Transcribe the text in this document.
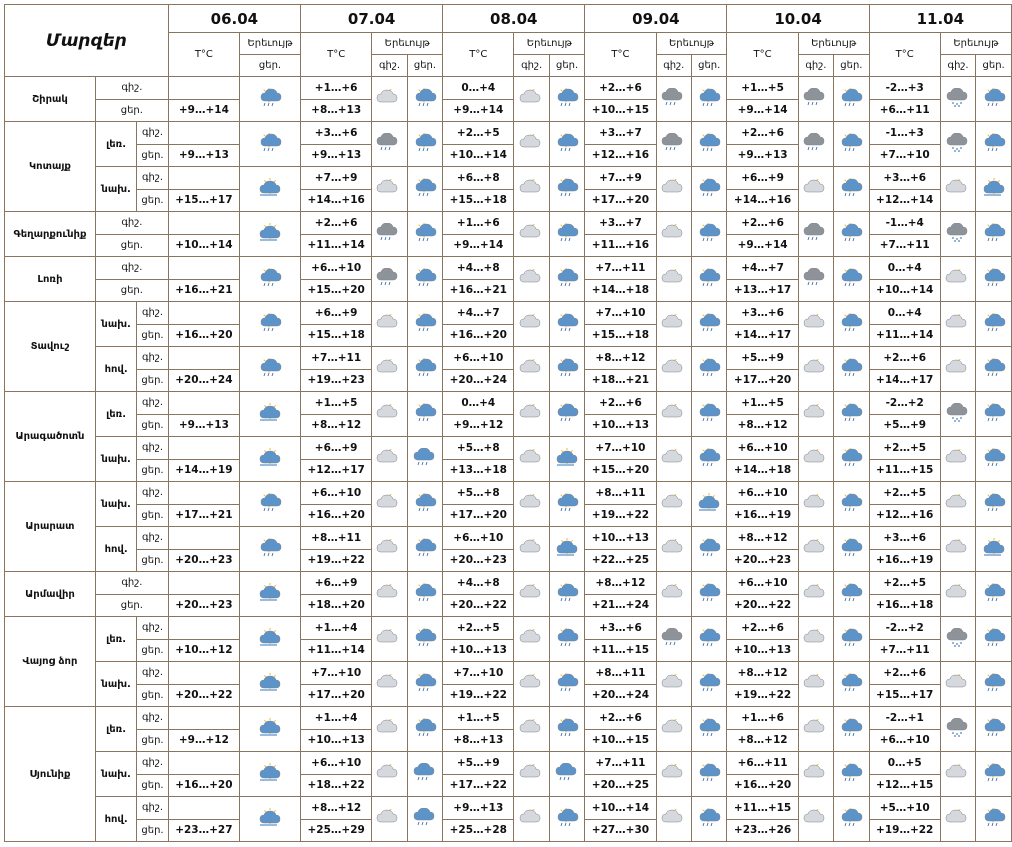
Մարզեր			06.04		07.04			08.04			09.04			10.04			11.04		
			T°C	Երեւույթ	T°C	Երեւույթ		T°C	Երեւույթ		T°C	Երեւույթ		T°C	Երեւույթ		T°C	Երեւույթ	
				ցեր.		գիշ.	ցեր.		գիշ.	ցեր.		գիշ.	ցեր.		գիշ.	ցեր.		գիշ.	ցեր.
Շիրակ	գիշ.				+1…+6			0…+4			+2…+6			+1…+5			-2…+3		
	ցեր.		+9…+14		+8…+13			+9…+14			+10…+15			+9…+14			+6…+11		
Կոտայք	լեռ.	գիշ.			+3…+6			+2…+5			+3…+7			+2…+6			-1…+3		
		ցեր.	+9…+13		+9…+13			+10…+14			+12…+16			+9…+13			+7…+10		
	նախ.	գիշ.			+7…+9			+6…+8			+7…+9			+6…+9			+3…+6		
		ցեր.	+15…+17		+14…+16			+15…+18			+17…+20			+14…+16			+12…+14		
Գեղարքունիք	գիշ.				+2…+6			+1…+6			+3…+7			+2…+6			-1…+4		
	ցեր.		+10…+14		+11…+14			+9…+14			+11…+16			+9…+14			+7…+11		
Լոռի	գիշ.				+6…+10			+4…+8			+7…+11			+4…+7			0…+4		
	ցեր.		+16…+21		+15…+20			+16…+21			+14…+18			+13…+17			+10…+14		
Տավուշ	նախ.	գիշ.			+6…+9			+4…+7			+7…+10			+3…+6			0…+4		
		ցեր.	+16…+20		+15…+18			+16…+20			+15…+18			+14…+17			+11…+14		
	հով.	գիշ.			+7…+11			+6…+10			+8…+12			+5…+9			+2…+6		
		ցեր.	+20…+24		+19…+23			+20…+24			+18…+21			+17…+20			+14…+17		
Արագածոտն	լեռ.	գիշ.			+1…+5			0…+4			+2…+6			+1…+5			-2…+2		
		ցեր.	+9…+13		+8…+12			+9…+12			+10…+13			+8…+12			+5…+9		
	նախ.	գիշ.			+6…+9			+5…+8			+7…+10			+6…+10			+2…+5		
		ցեր.	+14…+19		+12…+17			+13…+18			+15…+20			+14…+18			+11…+15		
Արարատ	նախ.	գիշ.			+6…+10			+5…+8			+8…+11			+6…+10			+2…+5		
		ցեր.	+17…+21		+16…+20			+17…+20			+19…+22			+16…+19			+12…+16		
	հով.	գիշ.			+8…+11			+6…+10			+10…+13			+8…+12			+3…+6		
		ցեր.	+20…+23		+19…+22			+20…+23			+22…+25			+20…+23			+16…+19		
Արմավիր	գիշ.				+6…+9			+4…+8			+8…+12			+6…+10			+2…+5		
	ցեր.		+20…+23		+18…+20			+20…+22			+21…+24			+20…+22			+16…+18		
Վայոց ձոր	լեռ.	գիշ.			+1…+4			+2…+5			+3…+6			+2…+6			-2…+2		
		ցեր.	+10…+12		+11…+14			+10…+13			+11…+15			+10…+13			+7…+11		
	նախ.	գիշ.			+7…+10			+7…+10			+8…+11			+8…+12			+2…+6		
		ցեր.	+20…+22		+17…+20			+19…+22			+20…+24			+19…+22			+15…+17		
Սյունիք	լեռ.	գիշ.			+1…+4			+1…+5			+2…+6			+1…+6			-2…+1		
		ցեր.	+9…+12		+10…+13			+8…+13			+10…+15			+8…+12			+6…+10		
	նախ.	գիշ.			+6…+10			+5…+9			+7…+11			+6…+11			0…+5		
		ցեր.	+16…+20		+18…+22			+17…+22			+20…+25			+16…+20			+12…+15		
	հով.	գիշ.			+8…+12			+9…+13			+10…+14			+11…+15			+5…+10		
		ցեր.	+23…+27		+25…+29			+25…+28			+27…+30			+23…+26			+19…+22		
